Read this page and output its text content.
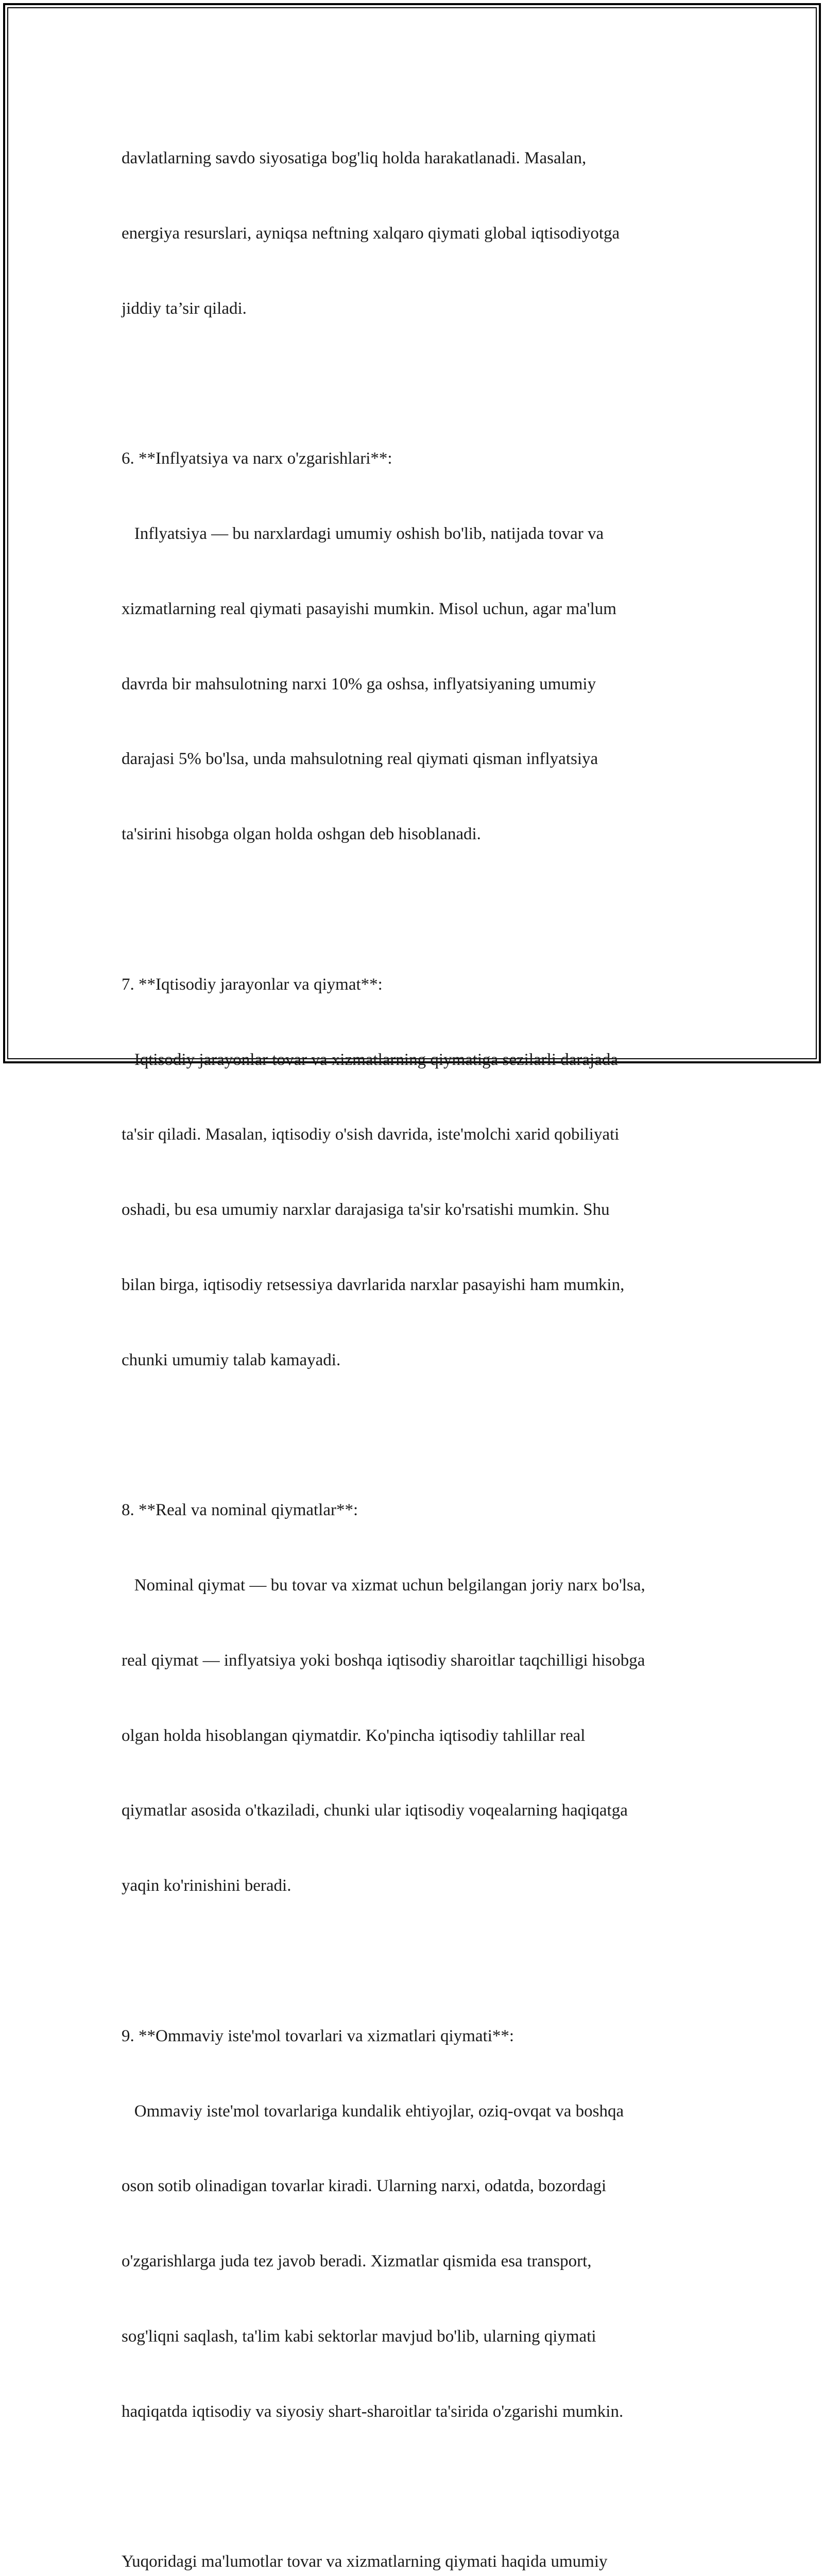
davlatlarning savdo siyosatiga bog'liq holda harakatlanadi. Masalan,

energiya resurslari, ayniqsa neftning xalqaro qiymati global iqtisodiyotga

jiddiy ta’sir qiladi.

6. **Inflyatsiya va narx o'zgarishlari**:

Inflyatsiya — bu narxlardagi umumiy oshish bo'lib, natijada tovar va

xizmatlarning real qiymati pasayishi mumkin. Misol uchun, agar ma'lum

davrda bir mahsulotning narxi 10% ga oshsa, inflyatsiyaning umumiy

darajasi 5% bo'lsa, unda mahsulotning real qiymati qisman inflyatsiya

ta'sirini hisobga olgan holda oshgan deb hisoblanadi.

7. **Iqtisodiy jarayonlar va qiymat**:

Iqtisodiy jarayonlar tovar va xizmatlarning qiymatiga sezilarli darajada

ta'sir qiladi. Masalan, iqtisodiy o'sish davrida, iste'molchi xarid qobiliyati

oshadi, bu esa umumiy narxlar darajasiga ta'sir ko'rsatishi mumkin. Shu

bilan birga, iqtisodiy retsessiya davrlarida narxlar pasayishi ham mumkin,

chunki umumiy talab kamayadi.

8. **Real va nominal qiymatlar**:

Nominal qiymat — bu tovar va xizmat uchun belgilangan joriy narx bo'lsa,

real qiymat — inflyatsiya yoki boshqa iqtisodiy sharoitlar taqchilligi hisobga

olgan holda hisoblangan qiymatdir. Ko'pincha iqtisodiy tahlillar real

qiymatlar asosida o'tkaziladi, chunki ular iqtisodiy voqealarning haqiqatga

yaqin ko'rinishini beradi.

9. **Ommaviy iste'mol tovarlari va xizmatlari qiymati**:

Ommaviy iste'mol tovarlariga kundalik ehtiyojlar, oziq-ovqat va boshqa

oson sotib olinadigan tovarlar kiradi. Ularning narxi, odatda, bozordagi

o'zgarishlarga juda tez javob beradi. Xizmatlar qismida esa transport,

sog'liqni saqlash, ta'lim kabi sektorlar mavjud bo'lib, ularning qiymati

haqiqatda iqtisodiy va siyosiy shart-sharoitlar ta'sirida o'zgarishi mumkin.

Yuqoridagi ma'lumotlar tovar va xizmatlarning qiymati haqida umumiy
